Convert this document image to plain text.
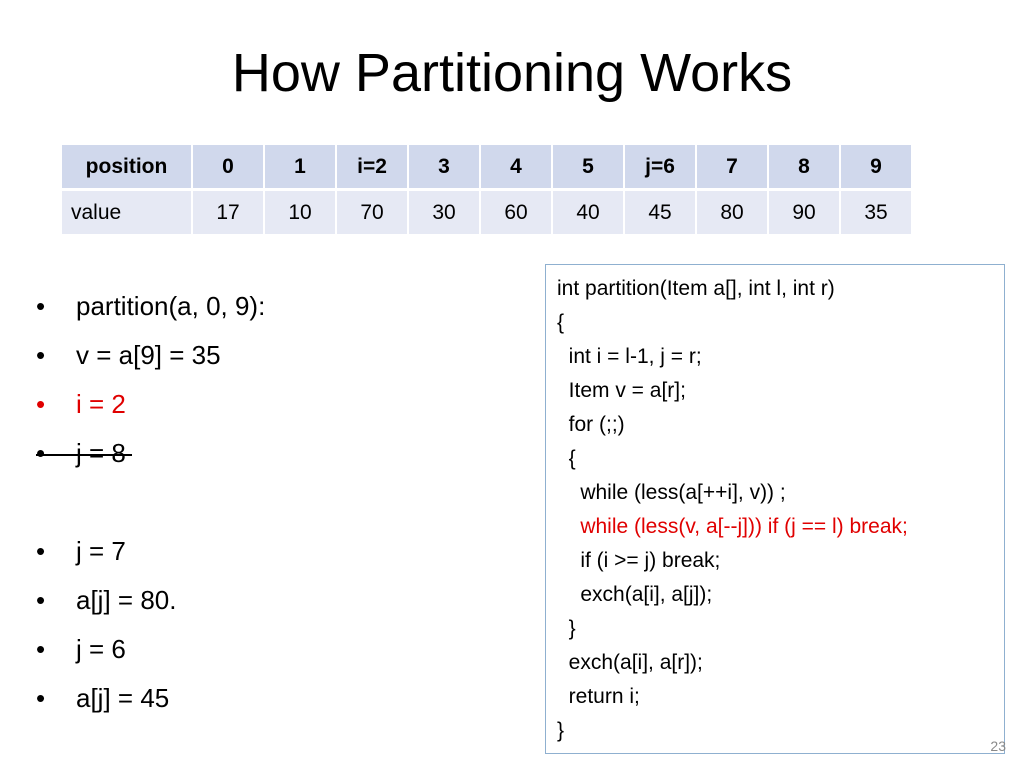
How Partitioning Works
position	0	1	i=2	3	4	5	j=6	7	8	9
value	17	10	70	30	60	40	45	80	90	35
• partition(a, 0, 9):
• v = a[9] = 35
• i = 2
• j = 8
• j = 7
• a[j] = 80.
• j = 6
• a[j] = 45
int partition(Item a[], int l, int r)
{
int i = l-1, j = r;
Item v = a[r];
for (;;)
{
while (less(a[++i], v)) ;
while (less(v, a[--j])) if (j == l) break;
if (i >= j) break;
exch(a[i], a[j]);
}
exch(a[i], a[r]);
return i;
}
23
